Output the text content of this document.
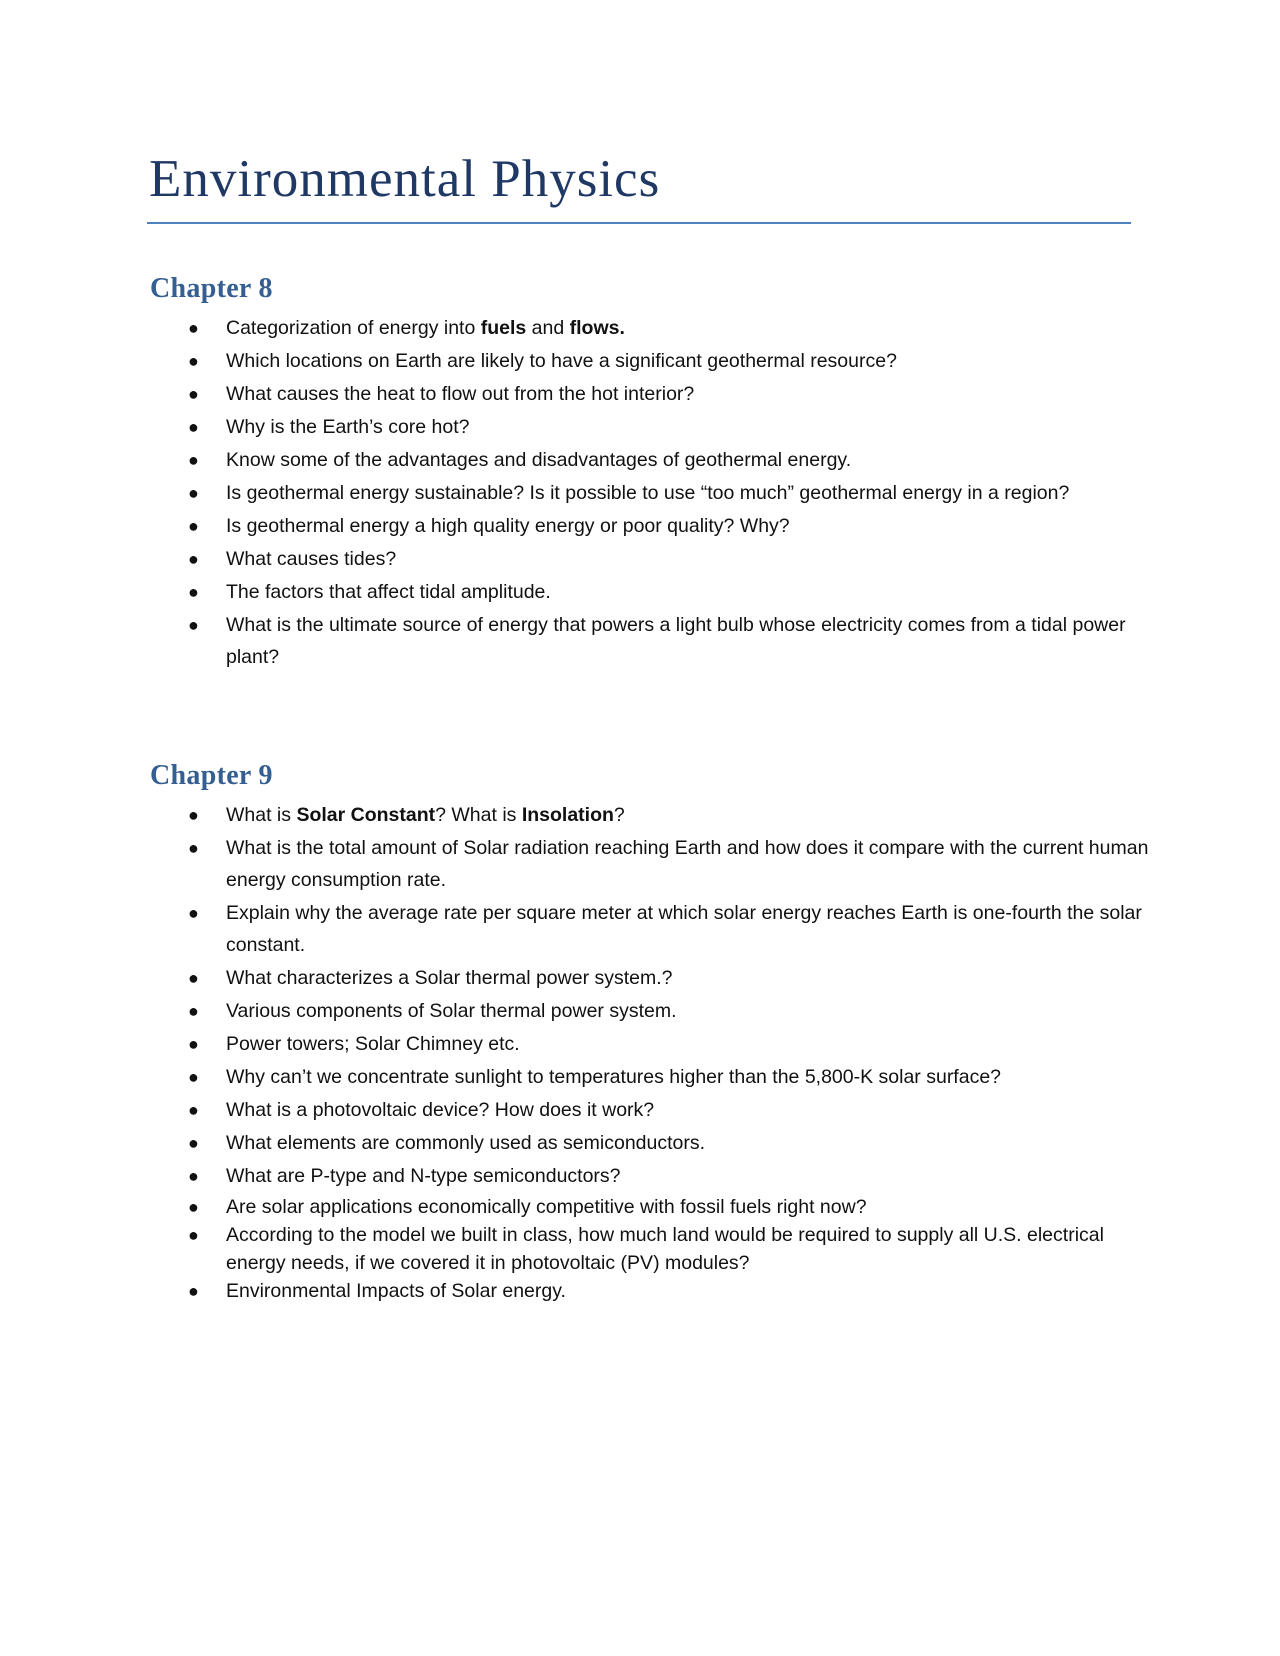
Environmental Physics
Chapter 8
● Categorization of energy into fuels and flows.
● Which locations on Earth are likely to have a significant geothermal resource?
● What causes the heat to flow out from the hot interior?
● Why is the Earth’s core hot?
● Know some of the advantages and disadvantages of geothermal energy.
● Is geothermal energy sustainable? Is it possible to use “too much” geothermal energy in a region?
● Is geothermal energy a high quality energy or poor quality? Why?
● What causes tides?
● The factors that affect tidal amplitude.
● What is the ultimate source of energy that powers a light bulb whose electricity comes from a tidal power plant?
Chapter 9
● What is Solar Constant? What is Insolation?
● What is the total amount of Solar radiation reaching Earth and how does it compare with the current human energy consumption rate.
● Explain why the average rate per square meter at which solar energy reaches Earth is one-fourth the solar constant.
● What characterizes a Solar thermal power system.?
● Various components of Solar thermal power system.
● Power towers; Solar Chimney etc.
● Why can’t we concentrate sunlight to temperatures higher than the 5,800-K solar surface?
● What is a photovoltaic device? How does it work?
● What elements are commonly used as semiconductors.
● What are P-type and N-type semiconductors?
● Are solar applications economically competitive with fossil fuels right now?
● According to the model we built in class, how much land would be required to supply all U.S. electrical energy needs, if we covered it in photovoltaic (PV) modules?
● Environmental Impacts of Solar energy.
